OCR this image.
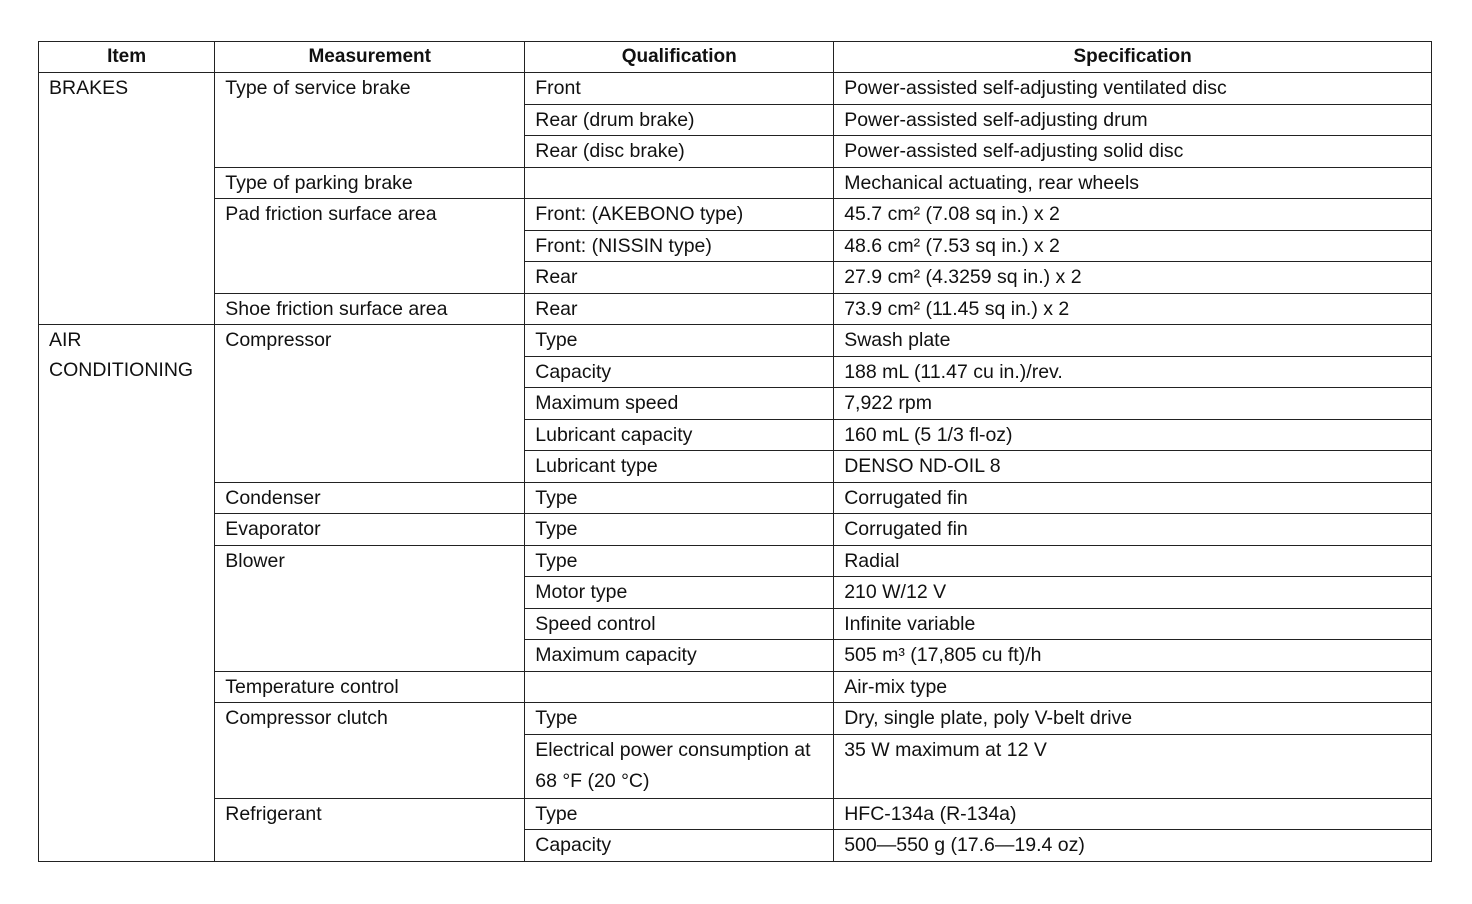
Item	Measurement	Qualification	Specification

BRAKES	Type of service brake	Front	Power-assisted self-adjusting ventilated disc
		Rear (drum brake)	Power-assisted self-adjusting drum
		Rear (disc brake)	Power-assisted self-adjusting solid disc
	Type of parking brake		Mechanical actuating, rear wheels
	Pad friction surface area	Front: (AKEBONO type)	45.7 cm² (7.08 sq in.) x 2
		Front: (NISSIN type)	48.6 cm² (7.53 sq in.) x 2
		Rear	27.9 cm² (4.3259 sq in.) x 2
	Shoe friction surface area	Rear	73.9 cm² (11.45 sq in.) x 2

AIR
CONDITIONING	Compressor	Type	Swash plate
		Capacity	188 mL (11.47 cu in.)/rev.
		Maximum speed	7,922 rpm
		Lubricant capacity	160 mL (5 1/3 fl-oz)
		Lubricant type	DENSO ND-OIL 8
	Condenser	Type	Corrugated fin
	Evaporator	Type	Corrugated fin
	Blower	Type	Radial
		Motor type	210 W/12 V
		Speed control	Infinite variable
		Maximum capacity	505 m³ (17,805 cu ft)/h
	Temperature control		Air-mix type
	Compressor clutch	Type	Dry, single plate, poly V-belt drive
		Electrical power consumption at 68 °F (20 °C)	35 W maximum at 12 V
	Refrigerant	Type	HFC-134a (R-134a)
		Capacity	500—550 g (17.6—19.4 oz)
